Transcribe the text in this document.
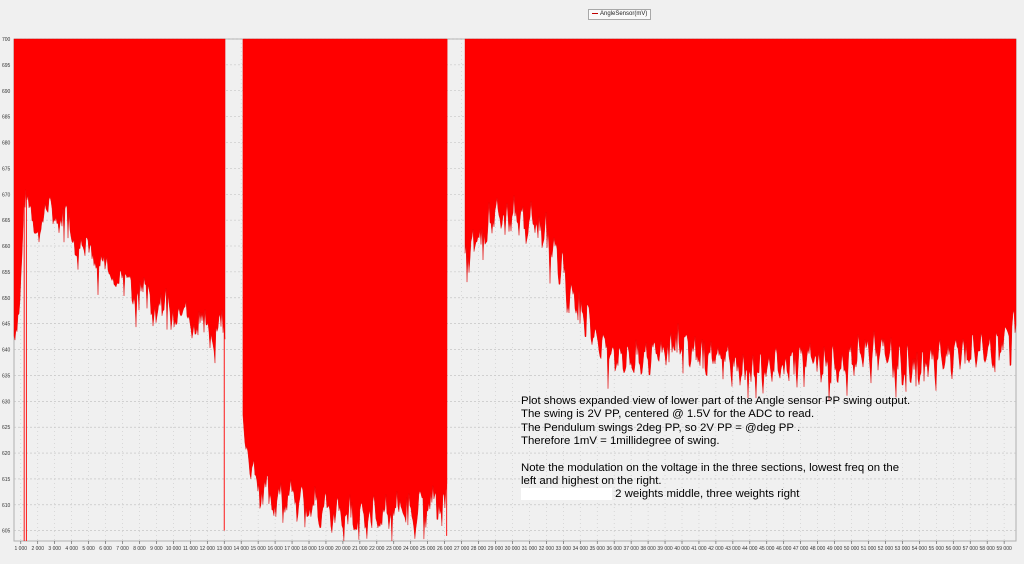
605
610
615
620
625
630
635
640
645
650
655
660
665
670
675
680
685
690
695
700
1 000 2 000 3 000 4 000 5 000 6 000 7 000 8 000 9 000 10 000 11 000 12 000 13 000 14 000 15 000 16 000 17 000 18 000 19 000 20 000 21 000 22 000 23 000 24 000 25 000 26 000 27 000 28 000 29 000 30 000 31 000 32 000 33 000 34 000 35 000 36 000 37 000 38 000 39 000 40 000 41 000 42 000 43 000 44 000 45 000 46 000 47 000 48 000 49 000 50 000 51 000 52 000 53 000 54 000 55 000 56 000 57 000 58 000 59 000
AngleSensor(mV)
Plot shows expanded view of lower part of the Angle sensor PP swing output.
The swing is 2V PP, centered @ 1.5V for the ADC to read.
The Pendulum swings 2deg PP, so 2V PP = @deg PP .
Therefore 1mV = 1millidegree of swing.
Note the modulation on the voltage in the three sections, lowest freq on the
left and highest on the right.
2 weights middle, three weights right
